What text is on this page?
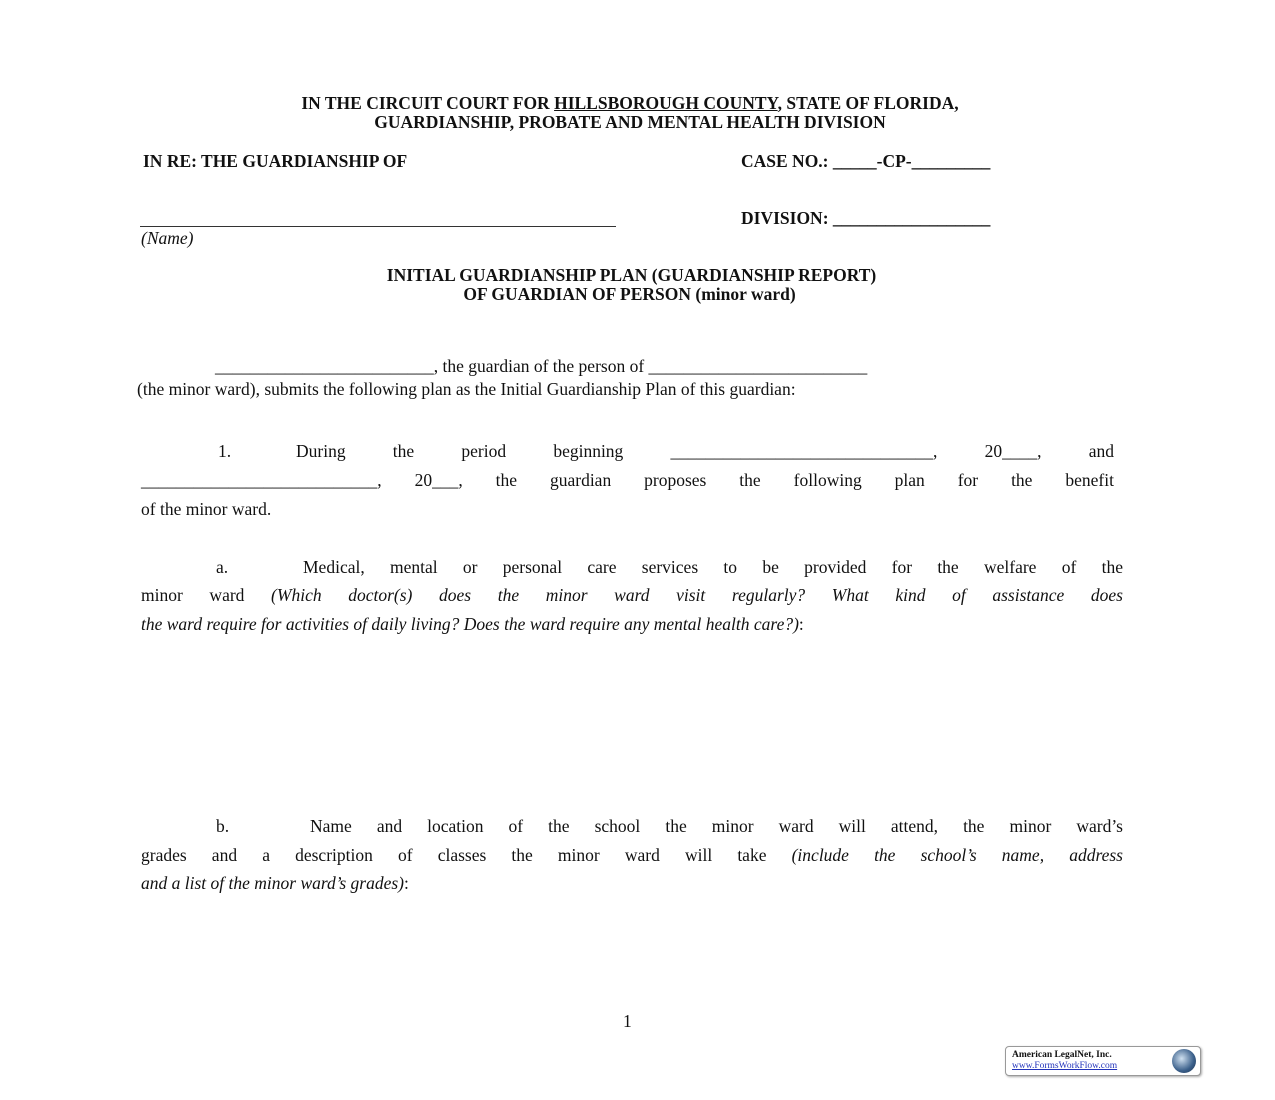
IN THE CIRCUIT COURT FOR HILLSBOROUGH COUNTY, STATE OF FLORIDA,
GUARDIANSHIP, PROBATE AND MENTAL HEALTH DIVISION
IN RE: THE GUARDIANSHIP OF	CASE NO.: _____-CP-_________
DIVISION: __________________
(Name)
INITIAL GUARDIANSHIP PLAN (GUARDIANSHIP REPORT)
OF GUARDIAN OF PERSON (minor ward)
_________________________, the guardian of the person of _________________________
(the minor ward), submits the following plan as the Initial Guardianship Plan of this guardian:
1.	During the period beginning ______________________________, 20____, and
___________________________, 20___, the guardian proposes the following plan for the benefit
of the minor ward.
a.	Medical, mental or personal care services to be provided for the welfare of the
minor ward (Which doctor(s) does the minor ward visit regularly? What kind of assistance does
the ward require for activities of daily living? Does the ward require any mental health care?):
b.	Name and location of the school the minor ward will attend, the minor ward’s
grades and a description of classes the minor ward will take (include the school’s name, address
and a list of the minor ward’s grades):
1
American LegalNet, Inc.
www.FormsWorkFlow.com
